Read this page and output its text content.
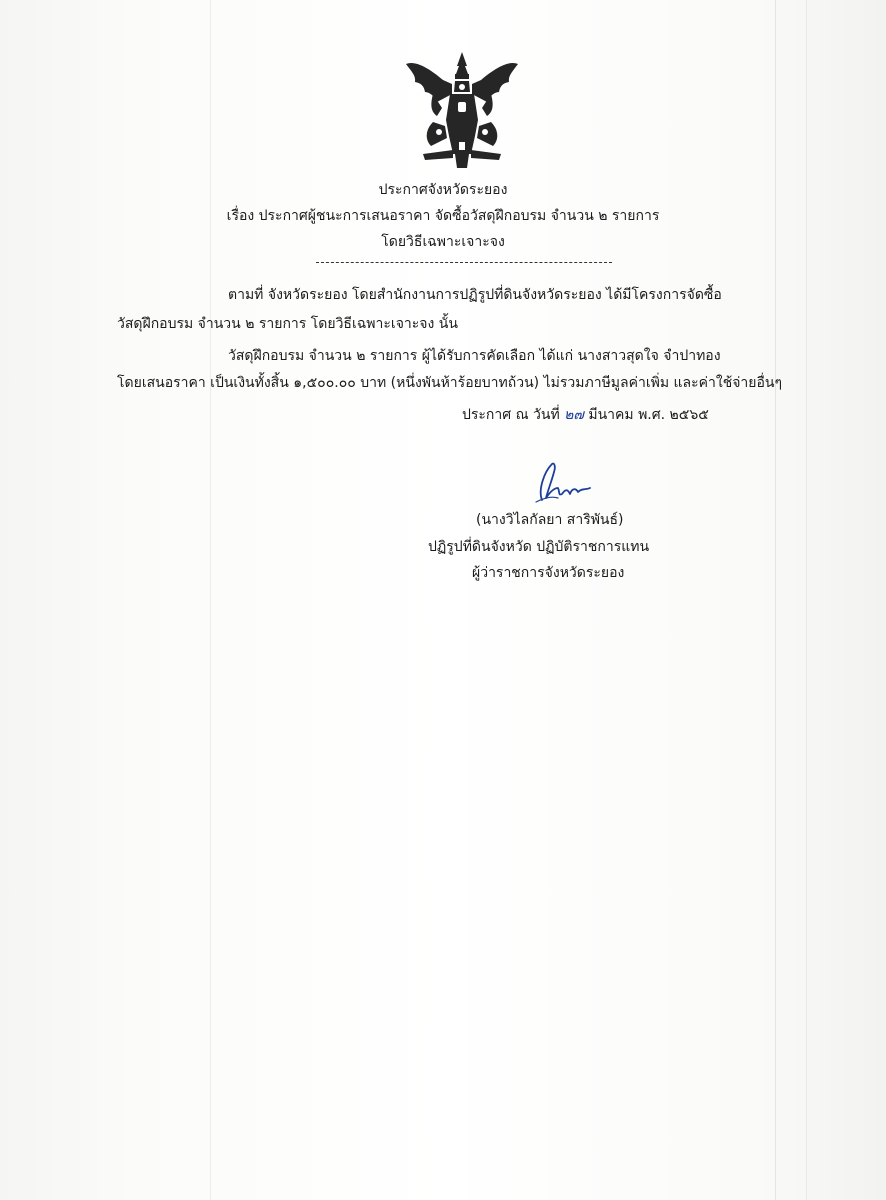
ประกาศจังหวัดระยอง
เรื่อง ประกาศผู้ชนะการเสนอราคา จัดซื้อวัสดุฝึกอบรม จำนวน ๒ รายการ
โดยวิธีเฉพาะเจาะจง
ตามที่ จังหวัดระยอง โดยสำนักงานการปฏิรูปที่ดินจังหวัดระยอง ได้มีโครงการจัดซื้อ
วัสดุฝึกอบรม จำนวน ๒ รายการ โดยวิธีเฉพาะเจาะจง นั้น
วัสดุฝึกอบรม จำนวน ๒ รายการ ผู้ได้รับการคัดเลือก ได้แก่ นางสาวสุดใจ จำปาทอง
โดยเสนอราคา เป็นเงินทั้งสิ้น ๑,๕๐๐.๐๐ บาท (หนึ่งพันห้าร้อยบาทถ้วน) ไม่รวมภาษีมูลค่าเพิ่ม และค่าใช้จ่ายอื่นๆ
ประกาศ ณ วันที่ ๒๗ มีนาคม พ.ศ. ๒๕๖๕
(นางวิไลกัลยา สาริพันธ์)
ปฏิรูปที่ดินจังหวัด ปฏิบัติราชการแทน
ผู้ว่าราชการจังหวัดระยอง
